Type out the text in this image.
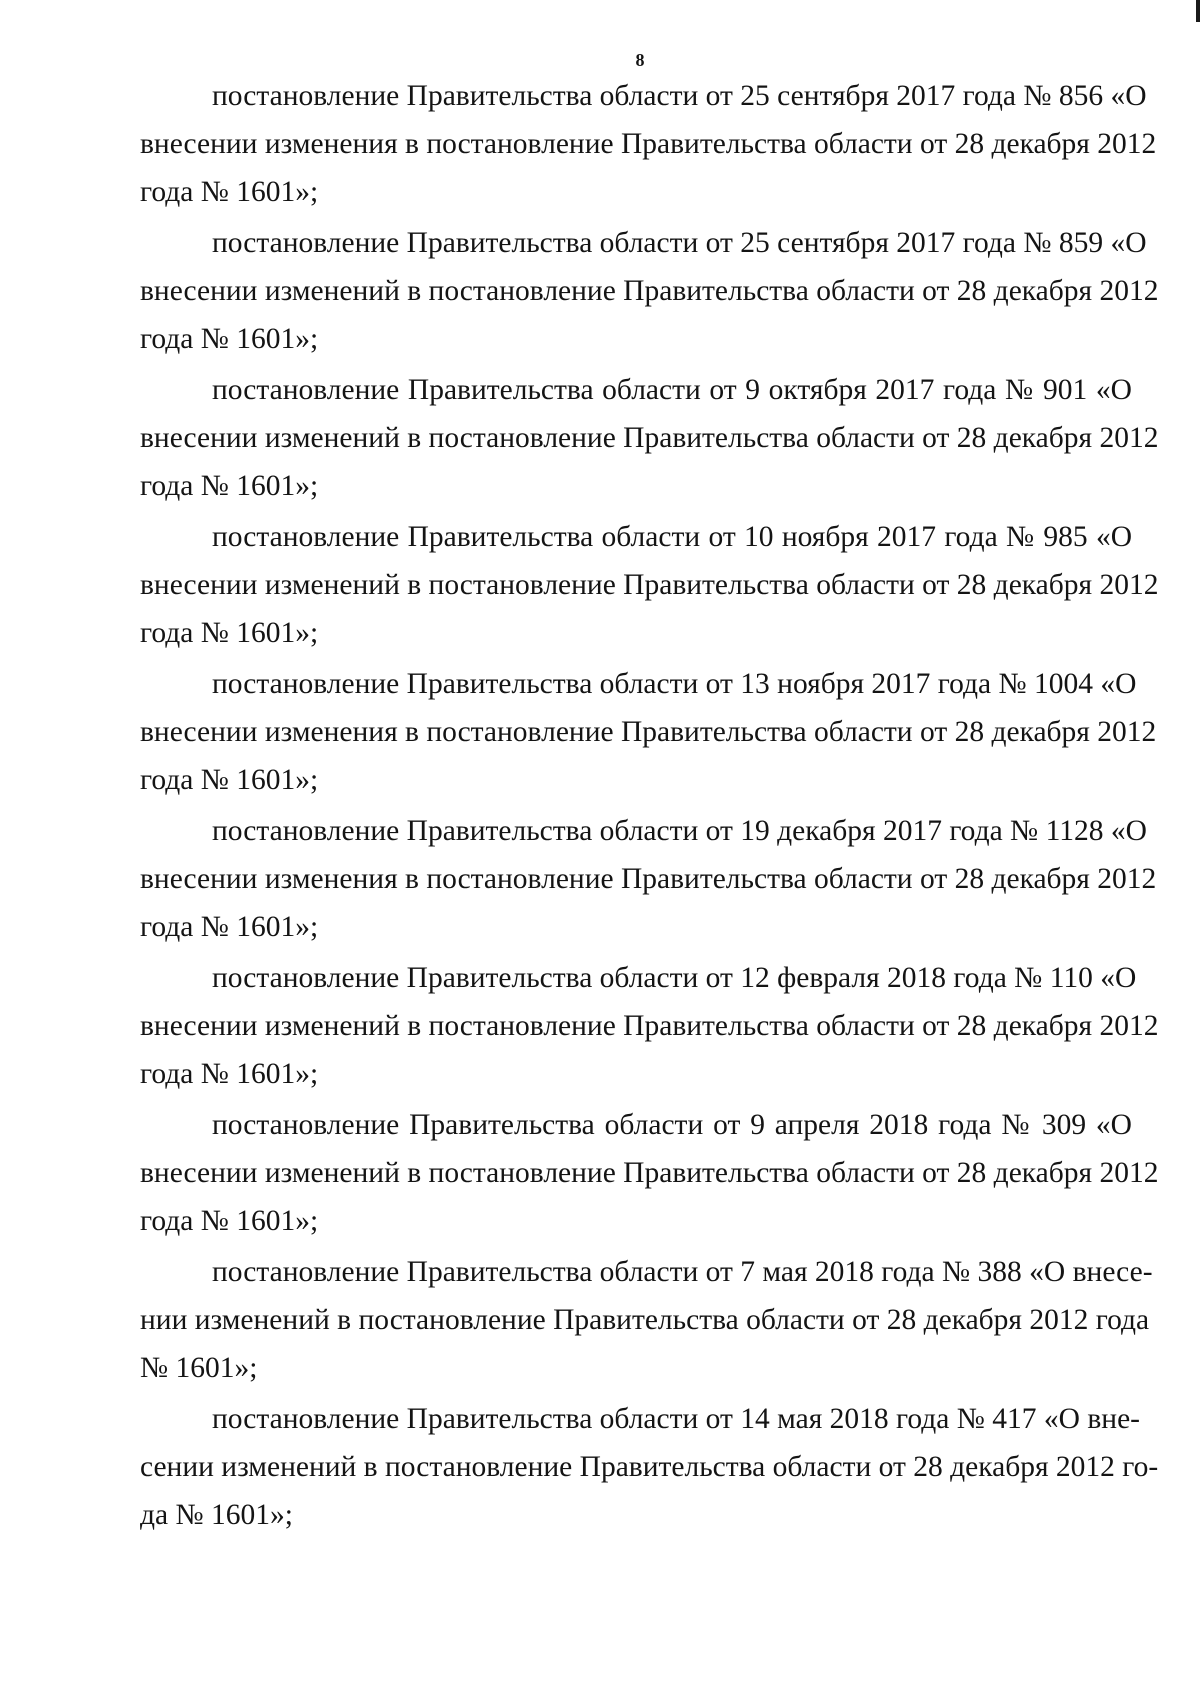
8
постановление Правительства области от 25 сентября 2017 года № 856 «О
внесении изменения в постановление Правительства области от 28 декабря 2012
года № 1601»;
постановление Правительства области от 25 сентября 2017 года № 859 «О
внесении изменений в постановление Правительства области от 28 декабря 2012
года № 1601»;
постановление Правительства области от 9 октября 2017 года № 901 «О
внесении изменений в постановление Правительства области от 28 декабря 2012
года № 1601»;
постановление Правительства области от 10 ноября 2017 года № 985 «О
внесении изменений в постановление Правительства области от 28 декабря 2012
года № 1601»;
постановление Правительства области от 13 ноября 2017 года № 1004 «О
внесении изменения в постановление Правительства области от 28 декабря 2012
года № 1601»;
постановление Правительства области от 19 декабря 2017 года № 1128 «О
внесении изменения в постановление Правительства области от 28 декабря 2012
года № 1601»;
постановление Правительства области от 12 февраля 2018 года № 110 «О
внесении изменений в постановление Правительства области от 28 декабря 2012
года № 1601»;
постановление Правительства области от 9 апреля 2018 года № 309 «О
внесении изменений в постановление Правительства области от 28 декабря 2012
года № 1601»;
постановление Правительства области от 7 мая 2018 года № 388 «О внесе-
нии изменений в постановление Правительства области от 28 декабря 2012 года
№ 1601»;
постановление Правительства области от 14 мая 2018 года № 417 «О вне-
сении изменений в постановление Правительства области от 28 декабря 2012 го-
да № 1601»;
